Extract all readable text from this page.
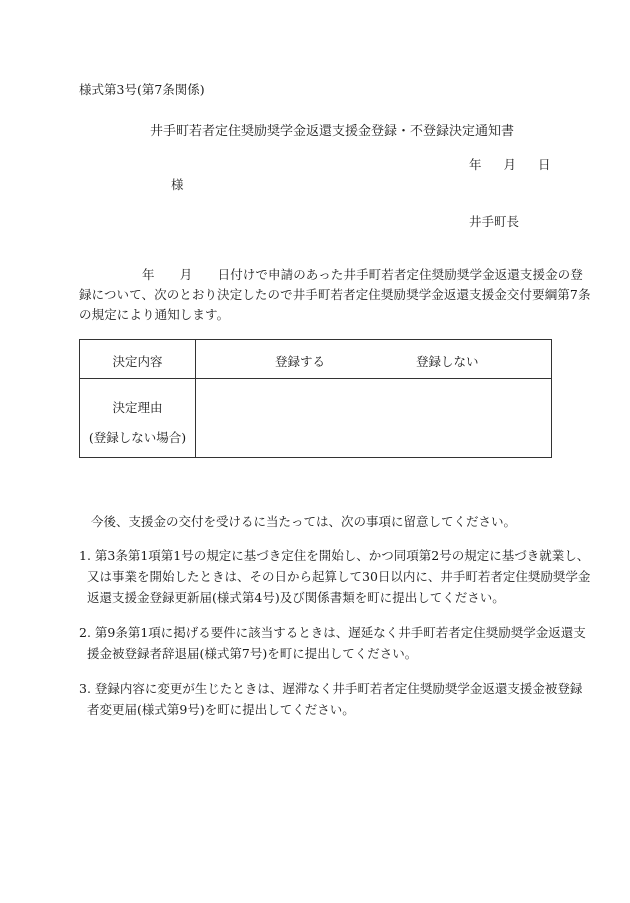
様式第3号(第7条関係)
井手町若者定住奨励奨学金返還支援金登録・不登録決定通知書
年 月 日
様
井手町長
　　　　　年　　月　　日付けで申請のあった井手町若者定住奨励奨学金返還支援金の登
録について、次のとおり決定したので井手町若者定住奨励奨学金返還支援金交付要綱第7条
の規定により通知します。
決定内容	登録する	登録しない
決定理由
(登録しない場合)
今後、支援金の交付を受けるに当たっては、次の事項に留意してください。
1. 第3条第1項第1号の規定に基づき定住を開始し、かつ同項第2号の規定に基づき就業し、
又は事業を開始したときは、その日から起算して30日以内に、井手町若者定住奨励奨学金
返還支援金登録更新届(様式第4号)及び関係書類を町に提出してください。
2. 第9条第1項に掲げる要件に該当するときは、遅延なく井手町若者定住奨励奨学金返還支
援金被登録者辞退届(様式第7号)を町に提出してください。
3. 登録内容に変更が生じたときは、遅滞なく井手町若者定住奨励奨学金返還支援金被登録
者変更届(様式第9号)を町に提出してください。
